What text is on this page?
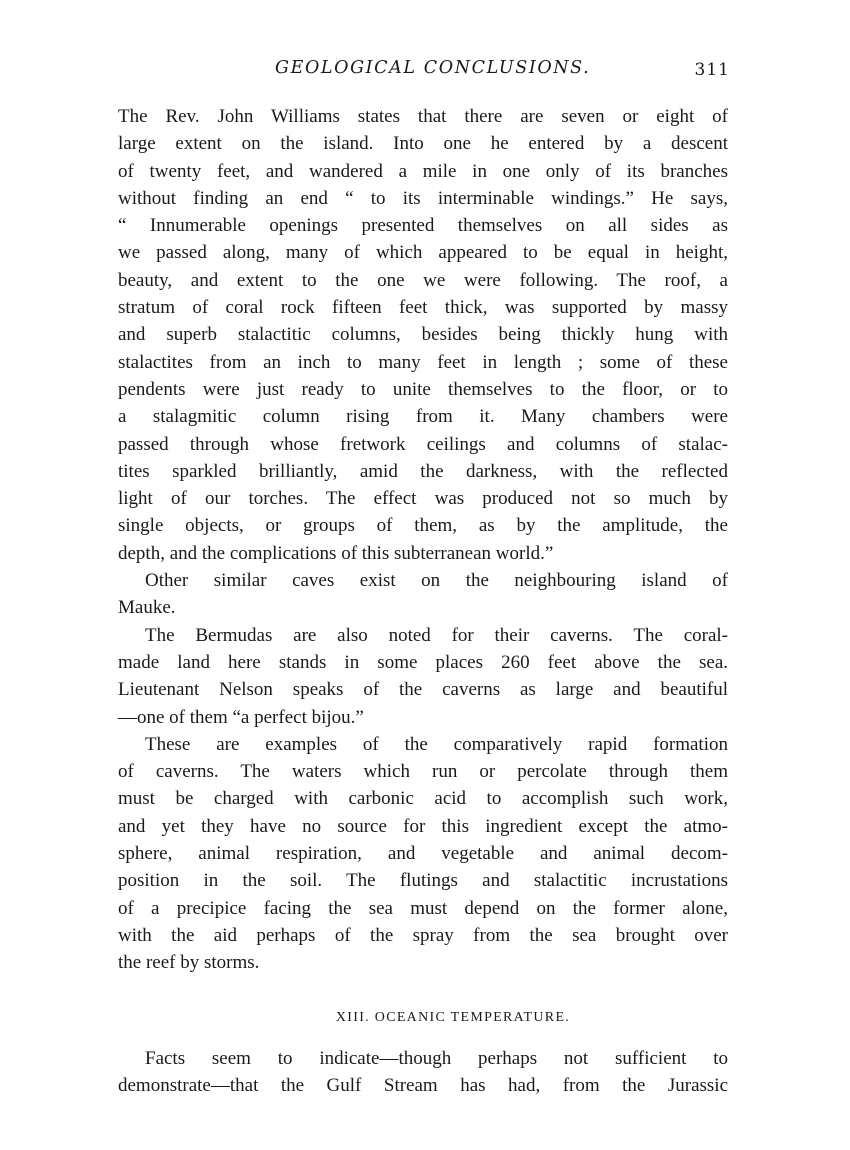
GEOLOGICAL CONCLUSIONS.	311
The Rev. John Williams states that there are seven or eight of
large extent on the island. Into one he entered by a descent
of twenty feet, and wandered a mile in one only of its branches
without finding an end “ to its interminable windings.” He says,
“ Innumerable openings presented themselves on all sides as
we passed along, many of which appeared to be equal in height,
beauty, and extent to the one we were following. The roof, a
stratum of coral rock fifteen feet thick, was supported by massy
and superb stalactitic columns, besides being thickly hung with
stalactites from an inch to many feet in length ; some of these
pendents were just ready to unite themselves to the floor, or to
a stalagmitic column rising from it. Many chambers were
passed through whose fretwork ceilings and columns of stalac-
tites sparkled brilliantly, amid the darkness, with the reflected
light of our torches. The effect was produced not so much by
single objects, or groups of them, as by the amplitude, the
depth, and the complications of this subterranean world.”
Other similar caves exist on the neighbouring island of
Mauke.
The Bermudas are also noted for their caverns. The coral-
made land here stands in some places 260 feet above the sea.
Lieutenant Nelson speaks of the caverns as large and beautiful
—one of them “a perfect bijou.”
These are examples of the comparatively rapid formation
of caverns. The waters which run or percolate through them
must be charged with carbonic acid to accomplish such work,
and yet they have no source for this ingredient except the atmo-
sphere, animal respiration, and vegetable and animal decom-
position in the soil. The flutings and stalactitic incrustations
of a precipice facing the sea must depend on the former alone,
with the aid perhaps of the spray from the sea brought over
the reef by storms.
XIII. OCEANIC TEMPERATURE.
Facts seem to indicate—though perhaps not sufficient to
demonstrate—that the Gulf Stream has had, from the Jurassic
